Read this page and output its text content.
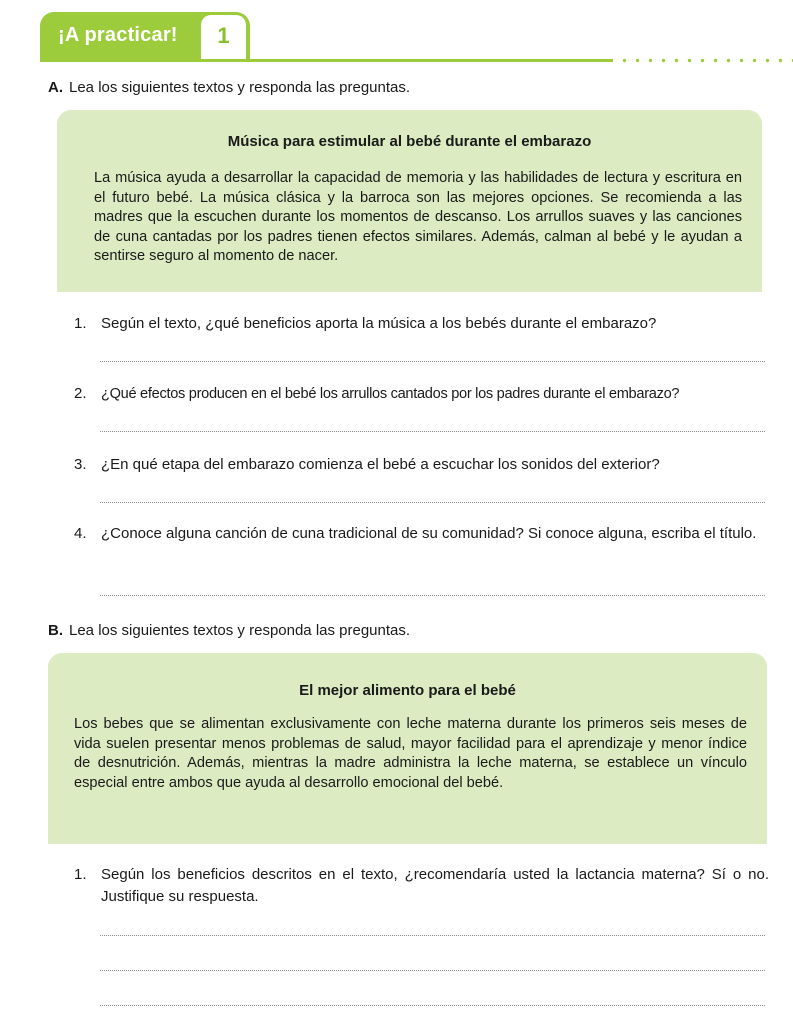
¡A practicar!	1
A. Lea los siguientes textos y responda las preguntas.
Música para estimular al bebé durante el embarazo
La música ayuda a desarrollar la capacidad de memoria y las habilidades de lectura y escritura en el futuro bebé. La música clásica y la barroca son las mejores opciones. Se recomienda a las madres que la escuchen durante los momentos de descanso. Los arrullos suaves y las canciones de cuna cantadas por los padres tienen efectos similares. Además, calman al bebé y le ayudan a sentirse seguro al momento de nacer.
1. Según el texto, ¿qué beneficios aporta la música a los bebés durante el embarazo?
2. ¿Qué efectos producen en el bebé los arrullos cantados por los padres durante el embarazo?
3. ¿En qué etapa del embarazo comienza el bebé a escuchar los sonidos del exterior?
4. ¿Conoce alguna canción de cuna tradicional de su comunidad? Si conoce alguna, escriba el título.
B. Lea los siguientes textos y responda las preguntas.
El mejor alimento para el bebé
Los bebes que se alimentan exclusivamente con leche materna durante los primeros seis meses de vida suelen presentar menos problemas de salud, mayor facilidad para el aprendizaje y menor índice de desnutrición. Además, mientras la madre administra la leche materna, se establece un vínculo especial entre ambos que ayuda al desarrollo emocional del bebé.
1. Según los beneficios descritos en el texto, ¿recomendaría usted la lactancia materna? Sí o no. Justifique su respuesta.
